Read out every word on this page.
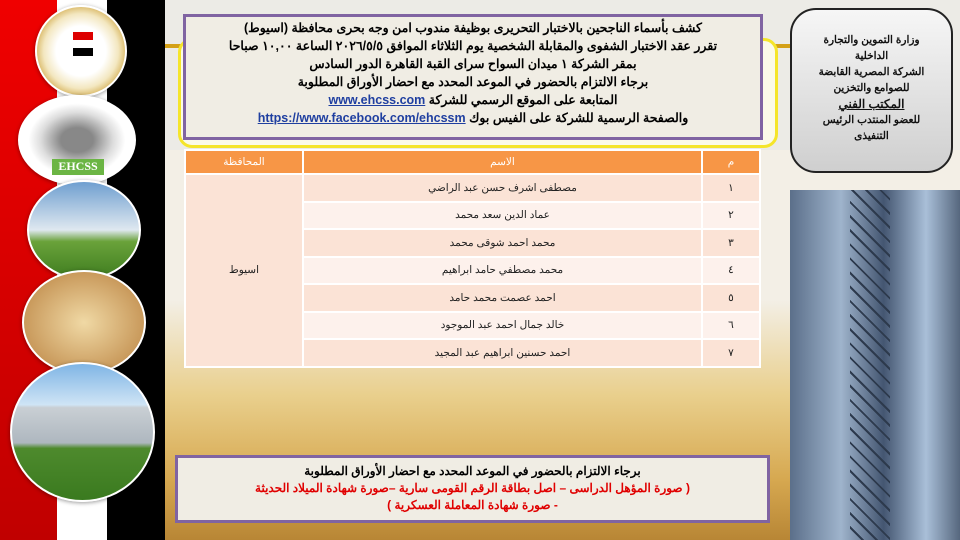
EHCSS
كشف بأسماء الناجحين بالاختبار التحريرى بوظيفة مندوب امن وجه بحرى محافظة (اسيوط)
تقرر عقد الاختبار الشفوى والمقابلة الشخصية يوم الثلاثاء الموافق ٢٠٢٦/٥/٥ الساعة ١٠,٠٠ صباحا
بمقر الشركة ١ ميدان السواح سراى القبة القاهرة الدور السادس
برجاء الالتزام بالحضور في الموعد المحدد مع احضار الأوراق المطلوبة
المتابعة على الموقع الرسمي للشركة www.ehcss.com
والصفحة الرسمية للشركة على الفيس بوك https://www.facebook.com/ehcssm
وزارة التموين والتجارة
الداخلية
الشركة المصرية القابضة
للصوامع والتخزين
المكتب الفني
للعضو المنتدب الرئيس
التنفيذى
م	الاسم	المحافظة
١	مصطفى اشرف حسن عبد الراضي	اسيوط
٢	عماد الدين سعد محمد	
٣	محمد احمد شوقى محمد	
٤	محمد مصطفي حامد ابراهيم	
٥	احمد عصمت محمد حامد	
٦	خالد جمال احمد عبد الموجود	
٧	احمد حسنين ابراهيم عبد المجيد	
برجاء الالتزام بالحضور في الموعد المحدد مع احضار الأوراق المطلوبة
( صورة المؤهل الدراسى – اصل بطاقة الرقم القومى سارية –صورة شهادة الميلاد الحديثة
- صورة شهادة المعاملة العسكرية )
